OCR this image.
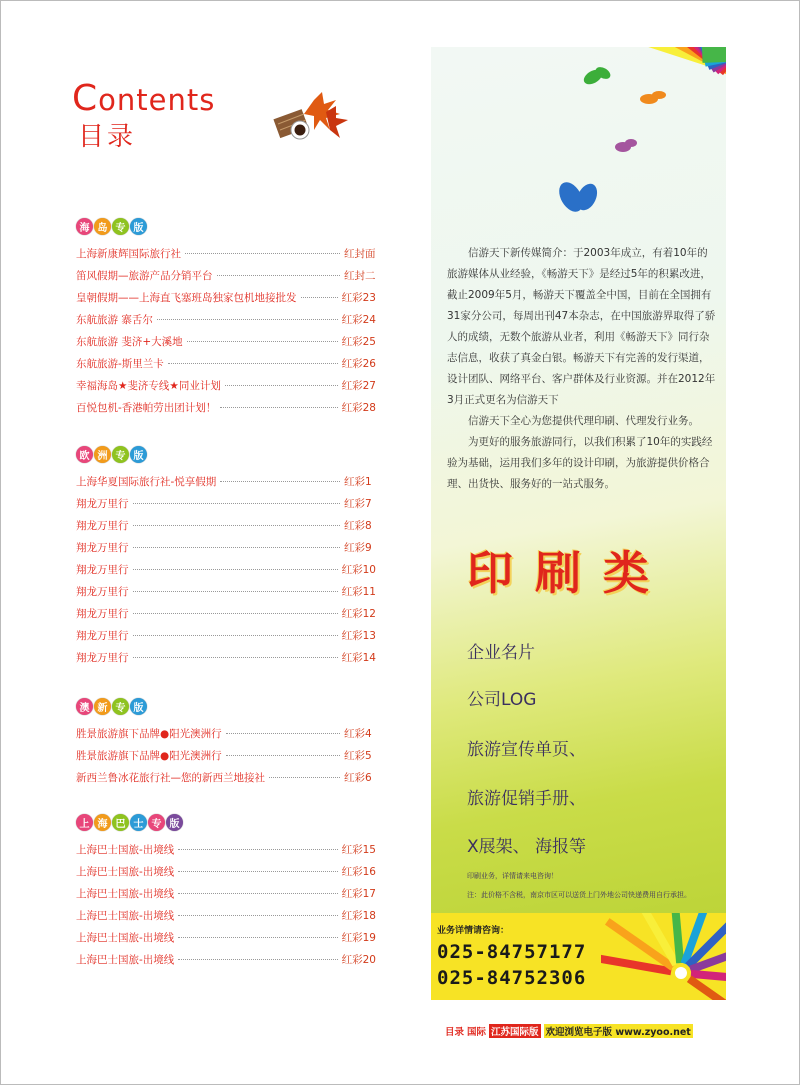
Contents
目录
海 岛 专 版
上海新康辉国际旅行社	红封面
笛风假期—旅游产品分销平台	红封二
皇朝假期——上海直飞塞班岛独家包机地接批发	红彩23
东航旅游 寨舌尔	红彩24
东航旅游 斐济+大溪地	红彩25
东航旅游-斯里兰卡	红彩26
幸福海岛★斐济专线★同业计划	红彩27
百悦包机-香港帕劳出团计划！	红彩28
欧 洲 专 版
上海华夏国际旅行社-悦享假期	红彩1
翔龙万里行	红彩7
翔龙万里行	红彩8
翔龙万里行	红彩9
翔龙万里行	红彩10
翔龙万里行	红彩11
翔龙万里行	红彩12
翔龙万里行	红彩13
翔龙万里行	红彩14
澳 新 专 版
胜景旅游旗下品牌●阳光澳洲行	红彩4
胜景旅游旗下品牌●阳光澳洲行	红彩5
新西兰鲁冰花旅行社—您的新西兰地接社	红彩6
上 海 巴 士 专 版
上海巴士国旅-出境线	红彩15
上海巴士国旅-出境线	红彩16
上海巴士国旅-出境线	红彩17
上海巴士国旅-出境线	红彩18
上海巴士国旅-出境线	红彩19
上海巴士国旅-出境线	红彩20

信游天下新传媒简介：于2003年成立，有着10年的旅游媒体从业经验，《畅游天下》是经过5年的积累改进，截止2009年5月，畅游天下覆盖全中国，目前在全国拥有31家分公司，每周出刊47本杂志，在中国旅游界取得了骄人的成绩，无数个旅游从业者，利用《畅游天下》同行杂志信息，收获了真金白银。畅游天下有完善的发行渠道，设计团队、网络平台、客户群体及行业资源。并在2012年3月正式更名为信游天下

信游天下全心为您提供代理印刷、代理发行业务。

为更好的服务旅游同行，以我们积累了10年的实践经验为基础，运用我们多年的设计印刷，为旅游提供价格合理、出货快、服务好的一站式服务。

印刷类
企业名片
公司LOG
旅游宣传单页、
旅游促销手册、
X展架、 海报等
印刷业务，详情请来电咨询！
注：此价格不含税，南京市区可以送货上门外地公司快递费用自行承担。
业务详情请咨询：
025-84757177
025-84752306
目录 国际 江苏国际版 欢迎浏览电子版 www.zyoo.net
